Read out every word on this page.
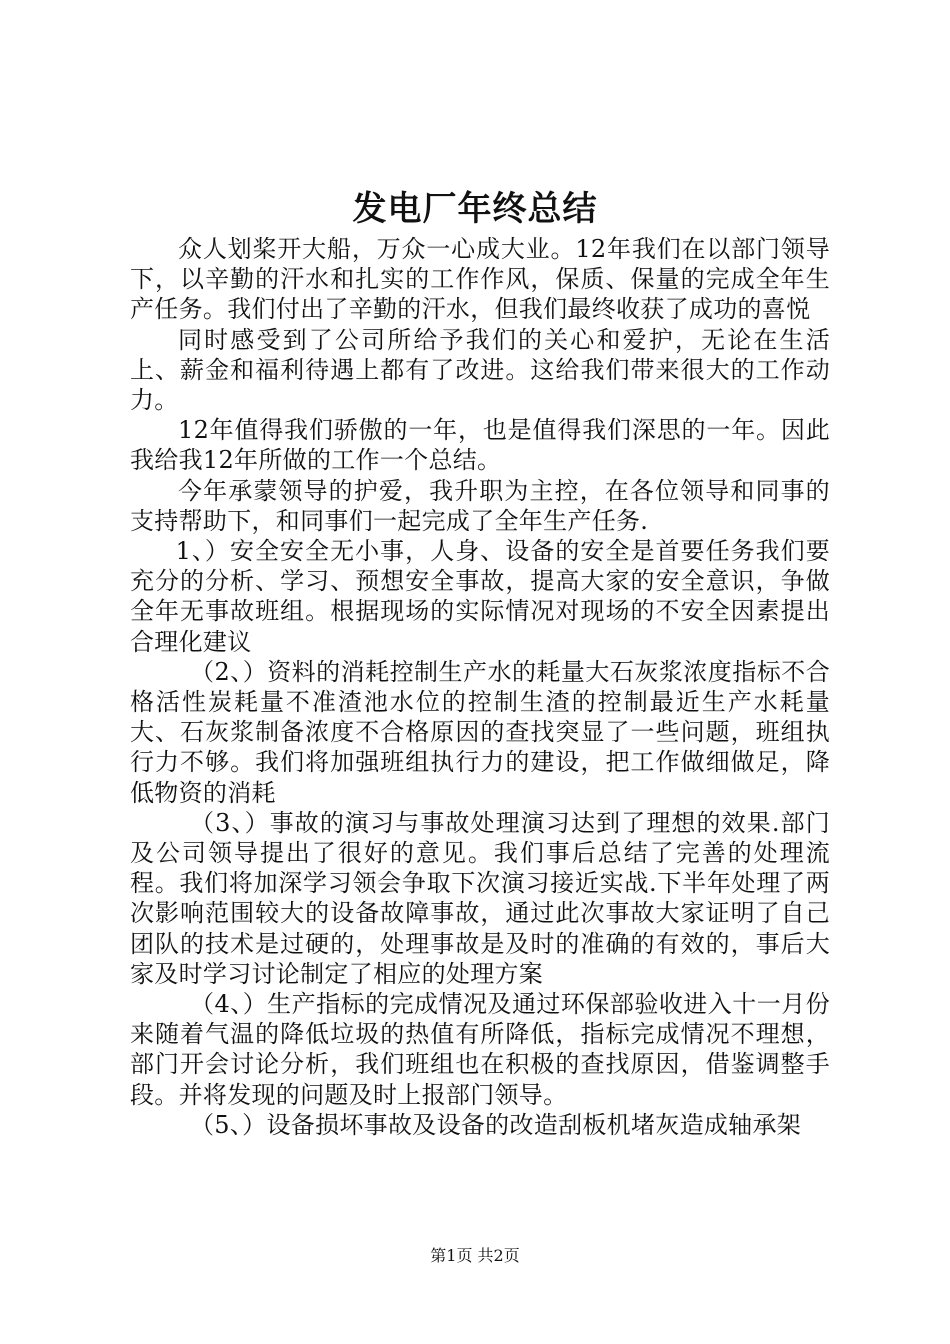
发电厂年终总结

众人划桨开大船，万众一心成大业。12年我们在以部门领导下，以辛勤的汗水和扎实的工作作风，保质、保量的完成全年生产任务。我们付出了辛勤的汗水，但我们最终收获了成功的喜悦

同时感受到了公司所给予我们的关心和爱护，无论在生活上、薪金和福利待遇上都有了改进。这给我们带来很大的工作动力。

12年值得我们骄傲的一年，也是值得我们深思的一年。因此我给我12年所做的工作一个总结。

今年承蒙领导的护爱，我升职为主控，在各位领导和同事的支持帮助下，和同事们一起完成了全年生产任务.

1、）安全安全无小事，人身、设备的安全是首要任务我们要充分的分析、学习、预想安全事故，提高大家的安全意识，争做全年无事故班组。根据现场的实际情况对现场的不安全因素提出合理化建议

（2、）资料的消耗控制生产水的耗量大石灰浆浓度指标不合格活性炭耗量不准渣池水位的控制生渣的控制最近生产水耗量大、石灰浆制备浓度不合格原因的查找突显了一些问题，班组执行力不够。我们将加强班组执行力的建设，把工作做细做足，降低物资的消耗

（3、）事故的演习与事故处理演习达到了理想的效果.部门及公司领导提出了很好的意见。我们事后总结了完善的处理流程。我们将加深学习领会争取下次演习接近实战.下半年处理了两次影响范围较大的设备故障事故，通过此次事故大家证明了自己团队的技术是过硬的，处理事故是及时的准确的有效的，事后大家及时学习讨论制定了相应的处理方案

（4、）生产指标的完成情况及通过环保部验收进入十一月份来随着气温的降低垃圾的热值有所降低，指标完成情况不理想，部门开会讨论分析，我们班组也在积极的查找原因，借鉴调整手段。并将发现的问题及时上报部门领导。

（5、）设备损坏事故及设备的改造刮板机堵灰造成轴承架

第1页 共2页
